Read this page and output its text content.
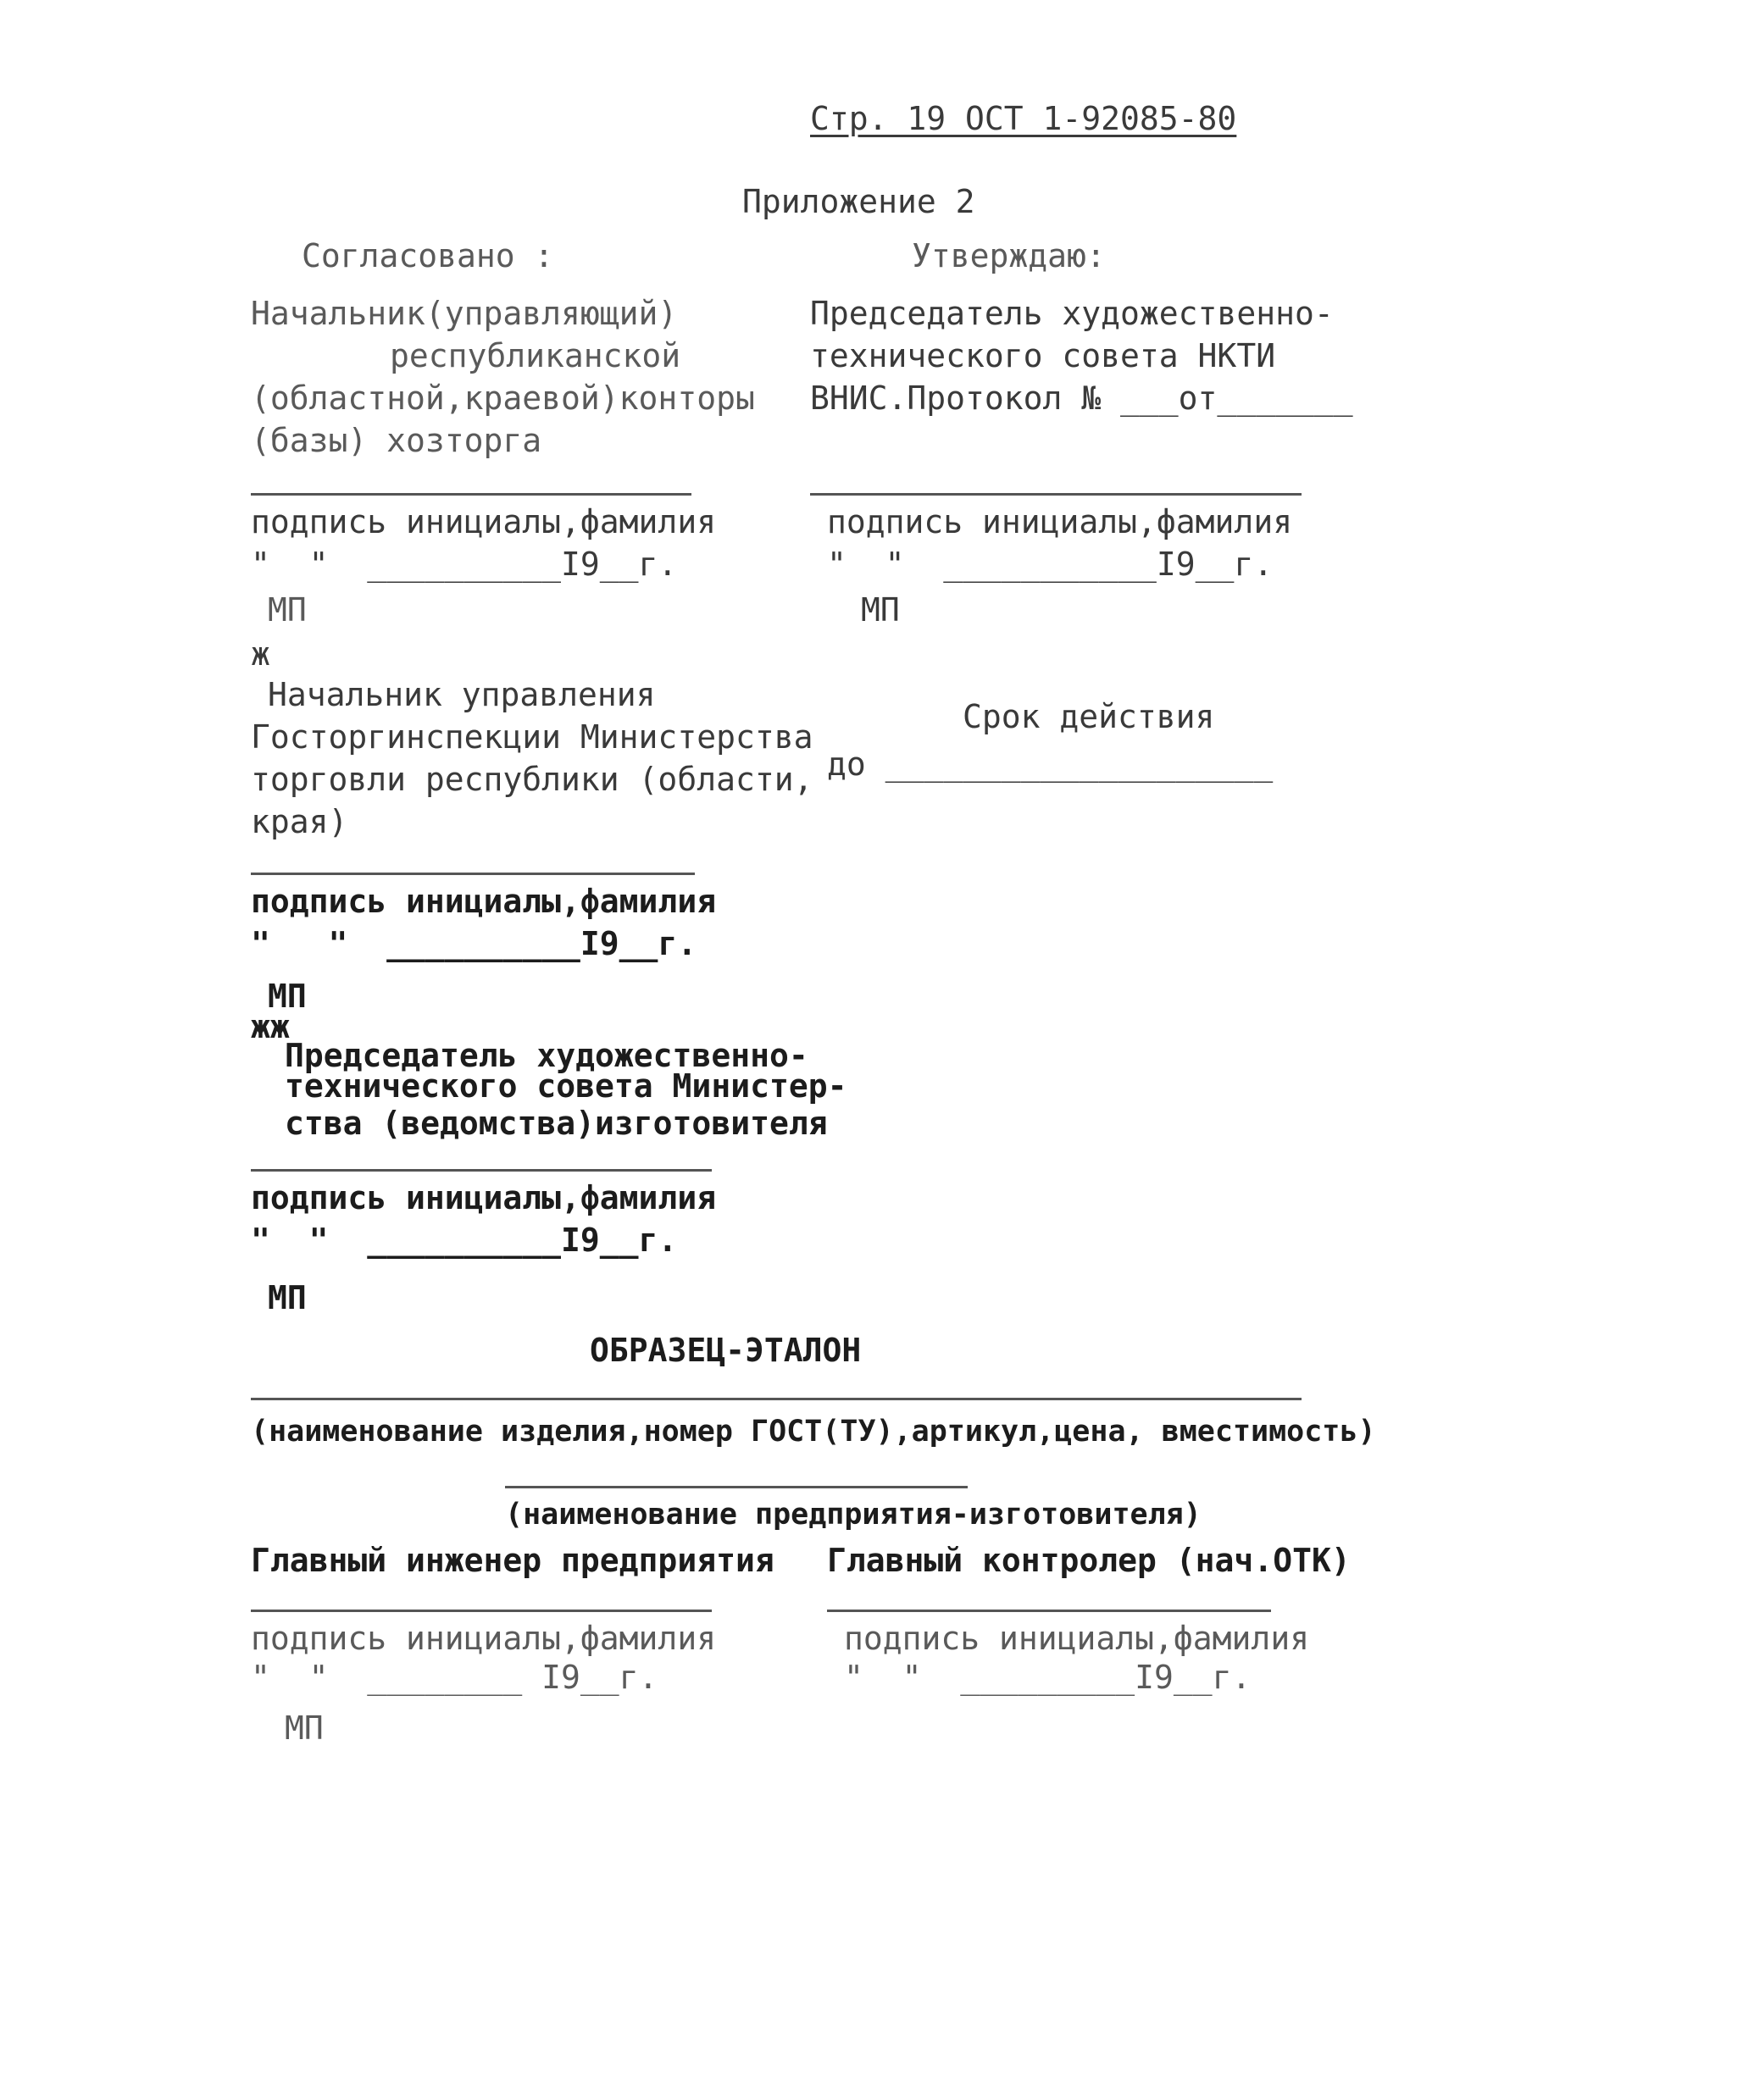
Стр. 19 ОСТ 1-92085-80
Приложение 2
Согласовано :
Начальник(управляющий)
республиканской
(областной,краевой)конторы
(базы) хозторга
подпись инициалы,фамилия
"  "  __________I9__г.
МП
Утверждаю:
Председатель художественно-
технического совета НКТИ
ВНИС.Протокол № ___от_______
подпись инициалы,фамилия
"  "  ___________I9__г.
МП
ж
Начальник управления
Госторгинспекции Министерства
торговли республики (области,
края)
подпись инициалы,фамилия
"   "  __________I9__г.
МП
Срок действия
до ____________________
жж
Председатель художественно-
технического совета Министер-
ства (ведомства)изготовителя
подпись инициалы,фамилия
"  "  __________I9__г.
МП
ОБРАЗЕЦ-ЭТАЛОН
(наименование изделия,номер ГОСТ(ТУ),артикул,цена, вместимость)
(наименование предприятия-изготовителя)
Главный инженер предприятия Главный контролер (нач.ОТК)
подпись инициалы,фамилия	подпись инициалы,фамилия
"  "  ________ I9__г.	"  "  _________I9__г.
МП
